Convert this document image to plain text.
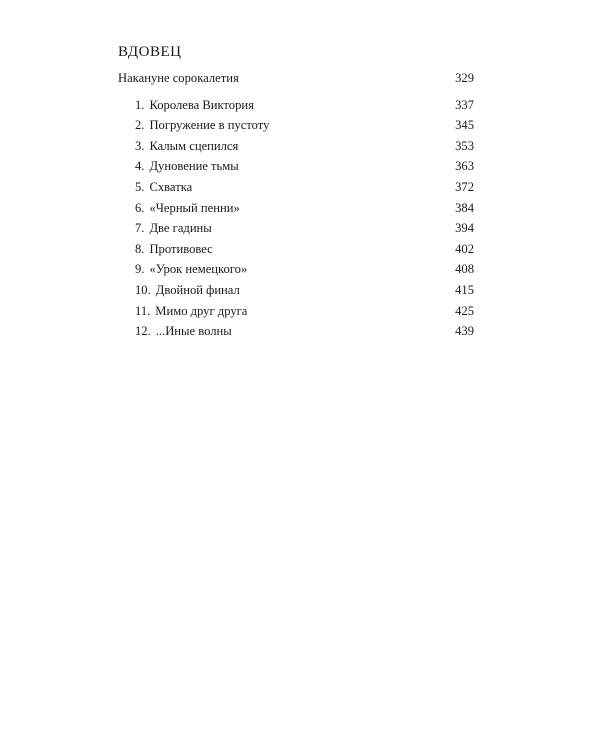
ВДОВЕЦ
Накануне сорокалетия	329
1. Королева Виктория	337
2. Погружение в пустоту	345
3. Калым сцепился	353
4. Дуновение тьмы	363
5. Схватка	372
6. «Черный пенни»	384
7. Две гадины	394
8. Противовес	402
9. «Урок немецкого»	408
10. Двойной финал	415
11. Мимо друг друга	425
12. ...Иные волны	439
